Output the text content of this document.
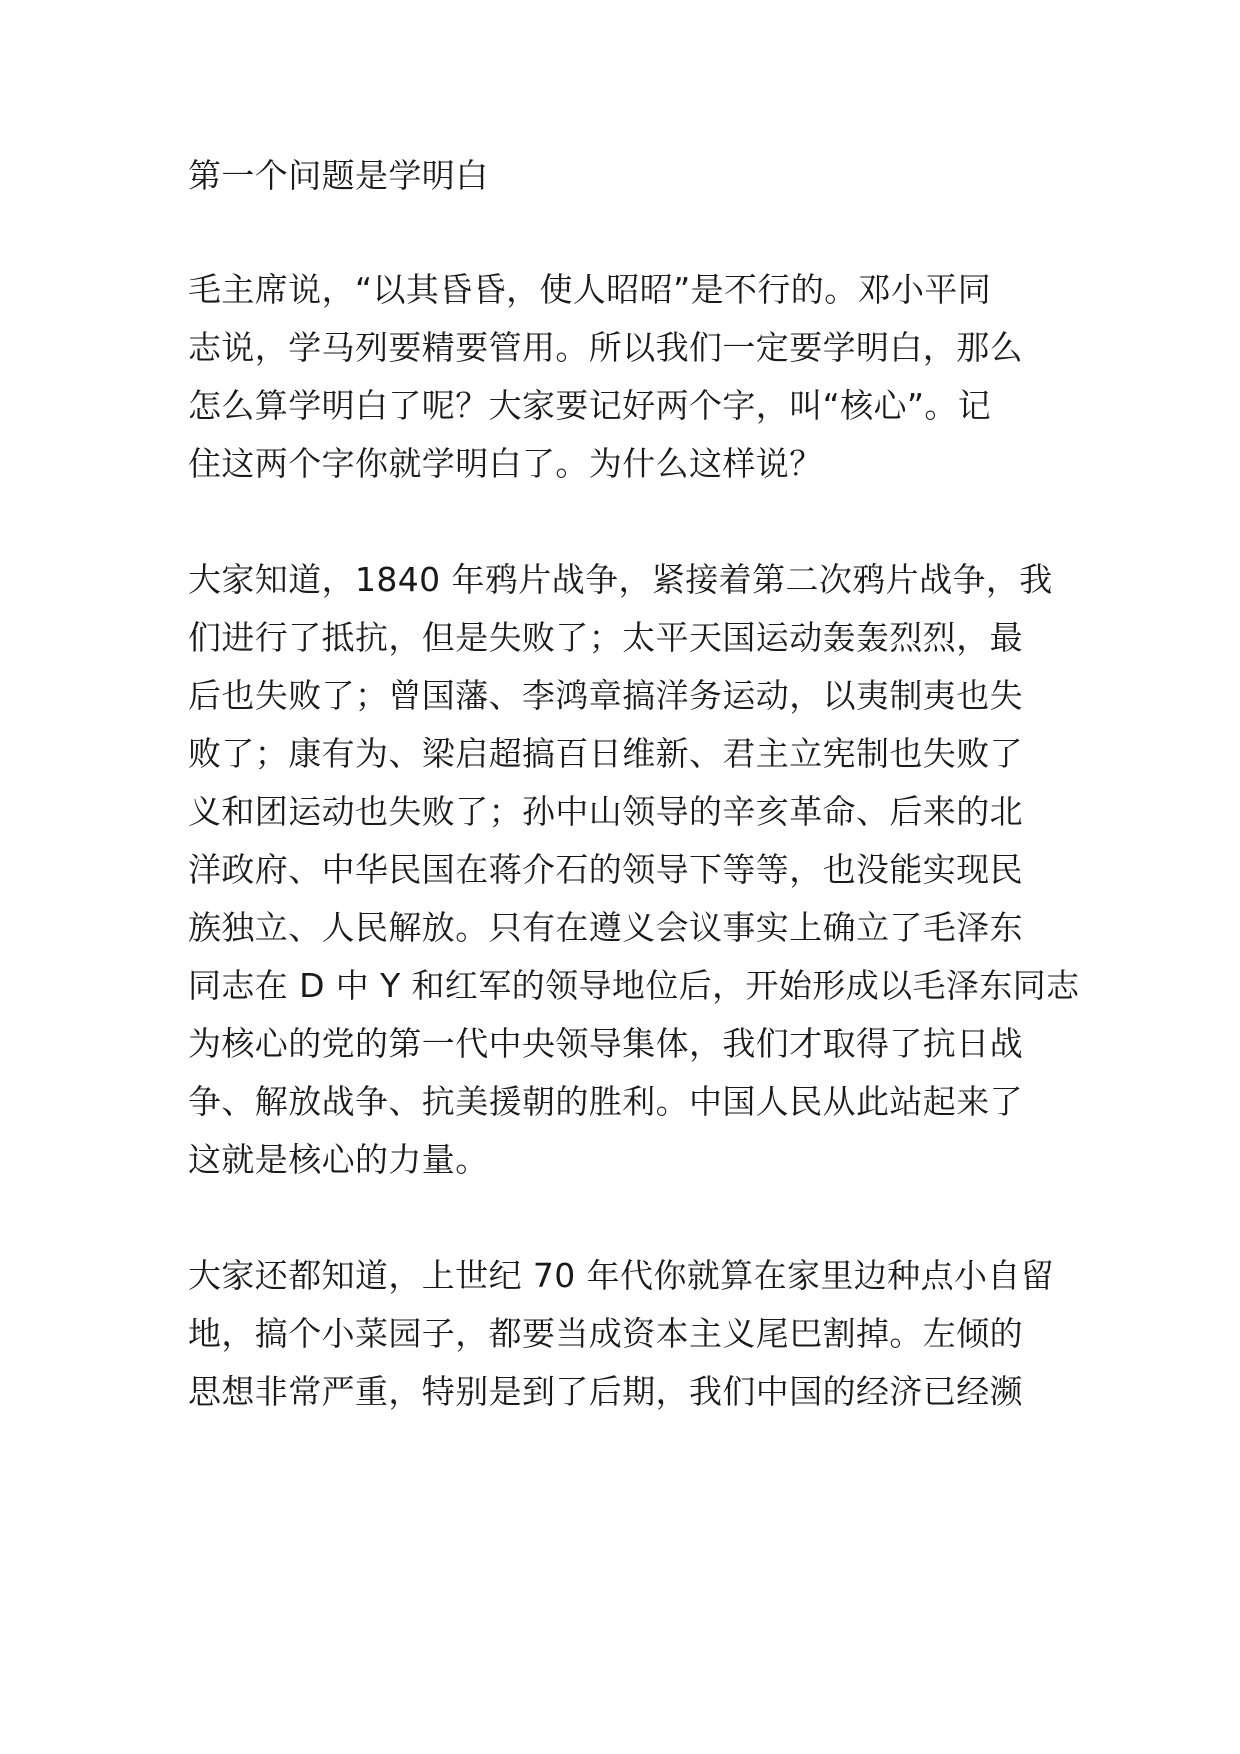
第一个问题是学明白
毛主席说，“以其昏昏，使人昭昭”是不行的。邓小平同
志说，学马列要精要管用。所以我们一定要学明白，那么
怎么算学明白了呢？大家要记好两个字，叫“核心”。记
住这两个字你就学明白了。为什么这样说？
大家知道，1840 年鸦片战争，紧接着第二次鸦片战争，我
们进行了抵抗，但是失败了；太平天国运动轰轰烈烈，最
后也失败了；曾国藩、李鸿章搞洋务运动，以夷制夷也失
败了；康有为、梁启超搞百日维新、君主立宪制也失败了
义和团运动也失败了；孙中山领导的辛亥革命、后来的北
洋政府、中华民国在蒋介石的领导下等等，也没能实现民
族独立、人民解放。只有在遵义会议事实上确立了毛泽东
同志在 D 中 Y 和红军的领导地位后，开始形成以毛泽东同志
为核心的党的第一代中央领导集体，我们才取得了抗日战
争、解放战争、抗美援朝的胜利。中国人民从此站起来了
这就是核心的力量。
大家还都知道，上世纪 70 年代你就算在家里边种点小自留
地，搞个小菜园子，都要当成资本主义尾巴割掉。左倾的
思想非常严重，特别是到了后期，我们中国的经济已经濒
